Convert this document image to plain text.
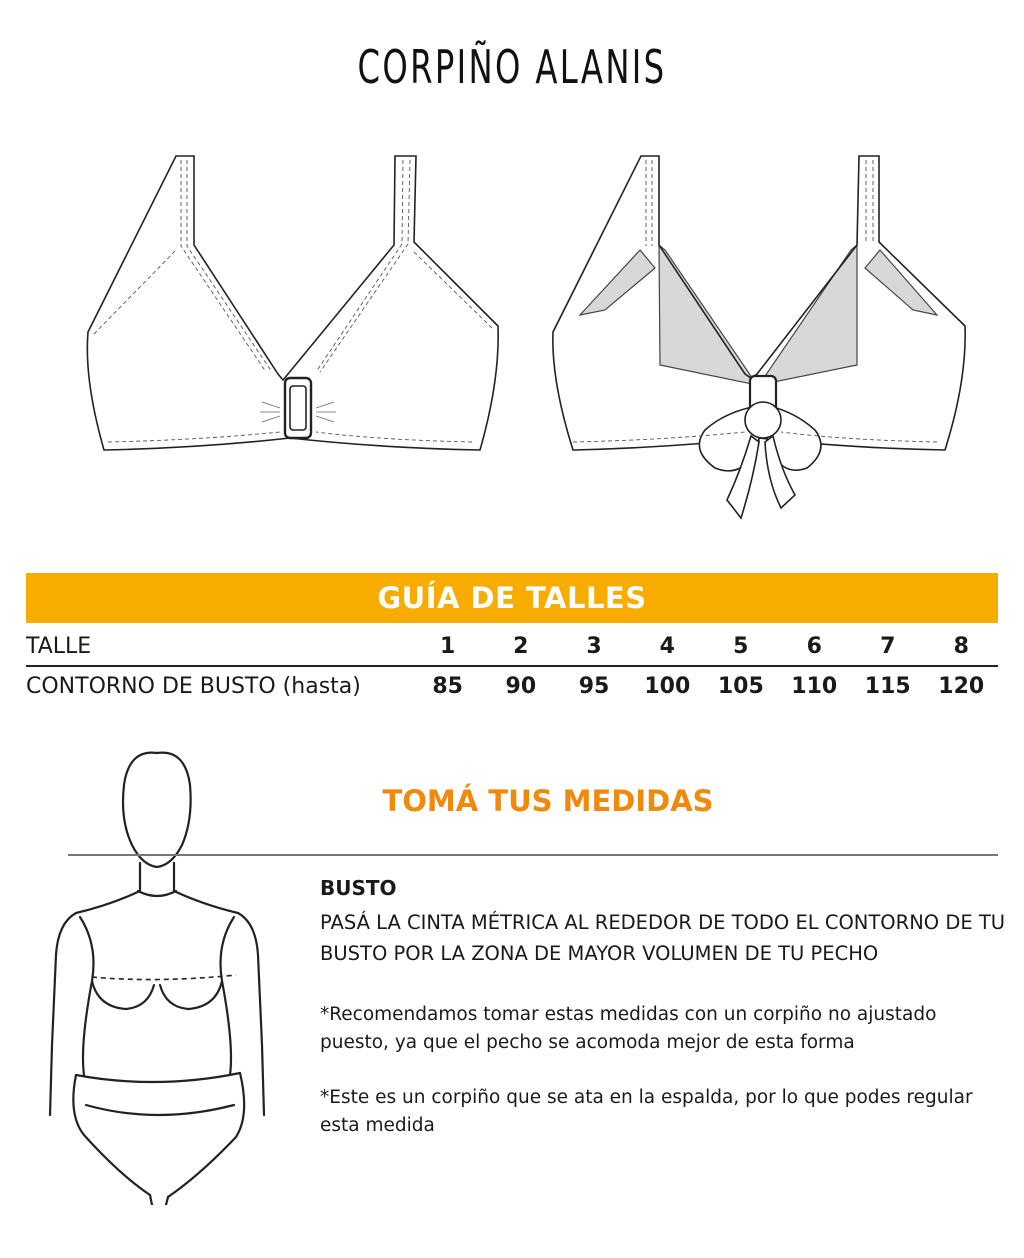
CORPIÑO ALANIS
GUÍA DE TALLES
TALLE	1	2	3	4	5	6	7	8
CONTORNO DE BUSTO (hasta)	85	90	95	100	105	110	115	120
TOMÁ TUS MEDIDAS
BUSTO
PASÁ LA CINTA MÉTRICA AL REDEDOR DE TODO EL CONTORNO DE TU BUSTO POR LA ZONA DE MAYOR VOLUMEN DE TU PECHO
*Recomendamos tomar estas medidas con un corpiño no ajustado puesto, ya que el pecho se acomoda mejor de esta forma
*Este es un corpiño que se ata en la espalda, por lo que podes regular esta medida
